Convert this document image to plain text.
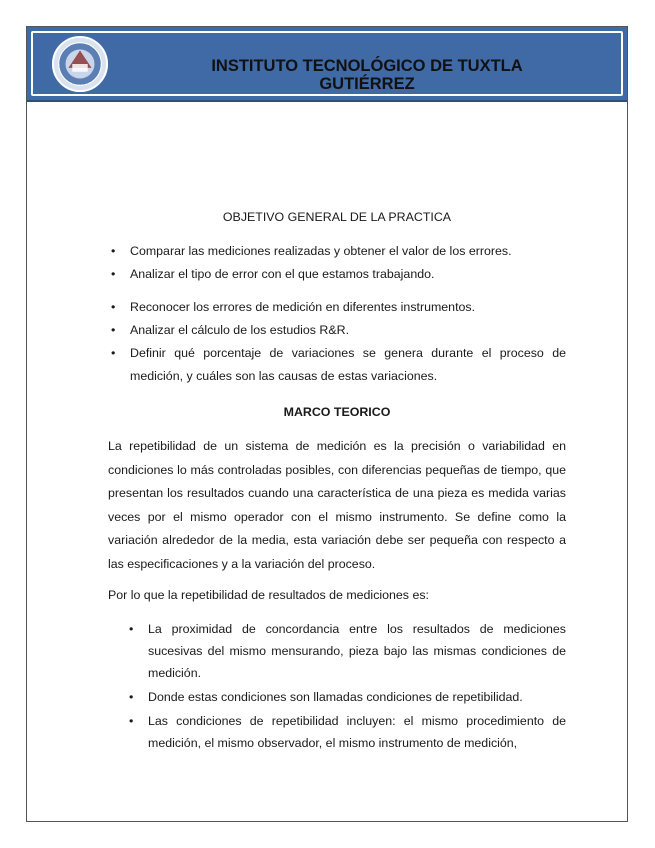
INSTITUTO TECNOLÓGICO DE TUXTLA GUTIÉRREZ

OBJETIVO GENERAL DE LA PRACTICA

• Comparar las mediciones realizadas y obtener el valor de los errores.
• Analizar el tipo de error con el que estamos trabajando.
• Reconocer los errores de medición en diferentes instrumentos.
• Analizar el cálculo de los estudios R&R.
• Definir qué porcentaje de variaciones se genera durante el proceso de medición, y cuáles son las causas de estas variaciones.

MARCO TEORICO

La repetibilidad de un sistema de medición es la precisión o variabilidad en condiciones lo más controladas posibles, con diferencias pequeñas de tiempo, que presentan los resultados cuando una característica de una pieza es medida varias veces por el mismo operador con el mismo instrumento. Se define como la variación alrededor de la media, esta variación debe ser pequeña con respecto a las especificaciones y a la variación del proceso.

Por lo que la repetibilidad de resultados de mediciones es:

• La proximidad de concordancia entre los resultados de mediciones sucesivas del mismo mensurando, pieza bajo las mismas condiciones de medición.
• Donde estas condiciones son llamadas condiciones de repetibilidad.
• Las condiciones de repetibilidad incluyen: el mismo procedimiento de medición, el mismo observador, el mismo instrumento de medición,
